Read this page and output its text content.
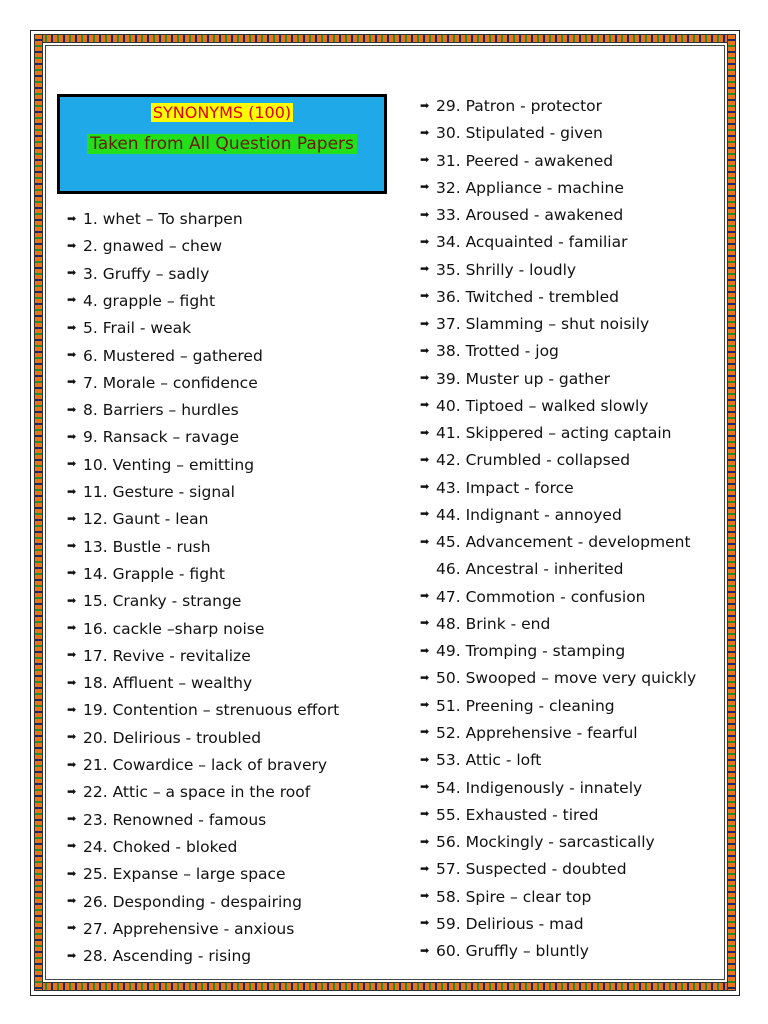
SYNONYMS (100)
Taken from All Question Papers
➡ 1. whet – To sharpen
➡ 2. gnawed – chew
➡ 3. Gruffy – sadly
➡ 4. grapple – fight
➡ 5. Frail - weak
➡ 6. Mustered – gathered
➡ 7. Morale – confidence
➡ 8. Barriers – hurdles
➡ 9. Ransack – ravage
➡ 10. Venting – emitting
➡ 11. Gesture - signal
➡ 12. Gaunt - lean
➡ 13. Bustle - rush
➡ 14. Grapple - fight
➡ 15. Cranky - strange
➡ 16. cackle –sharp noise
➡ 17. Revive - revitalize
➡ 18. Affluent – wealthy
➡ 19. Contention – strenuous effort
➡ 20. Delirious - troubled
➡ 21. Cowardice – lack of bravery
➡ 22. Attic – a space in the roof
➡ 23. Renowned - famous
➡ 24. Choked - bloked
➡ 25. Expanse – large space
➡ 26. Desponding - despairing
➡ 27. Apprehensive - anxious
➡ 28. Ascending - rising
➡ 29. Patron - protector
➡ 30. Stipulated - given
➡ 31. Peered - awakened
➡ 32. Appliance - machine
➡ 33. Aroused - awakened
➡ 34. Acquainted - familiar
➡ 35. Shrilly - loudly
➡ 36. Twitched - trembled
➡ 37. Slamming – shut noisily
➡ 38. Trotted - jog
➡ 39. Muster up - gather
➡ 40. Tiptoed – walked slowly
➡ 41. Skippered – acting captain
➡ 42. Crumbled - collapsed
➡ 43. Impact - force
➡ 44. Indignant - annoyed
➡ 45. Advancement - development
46. Ancestral - inherited
➡ 47. Commotion - confusion
➡ 48. Brink - end
➡ 49. Tromping - stamping
➡ 50. Swooped – move very quickly
➡ 51. Preening - cleaning
➡ 52. Apprehensive - fearful
➡ 53. Attic - loft
➡ 54. Indigenously - innately
➡ 55. Exhausted - tired
➡ 56. Mockingly - sarcastically
➡ 57. Suspected - doubted
➡ 58. Spire – clear top
➡ 59. Delirious - mad
➡ 60. Gruffly – bluntly
